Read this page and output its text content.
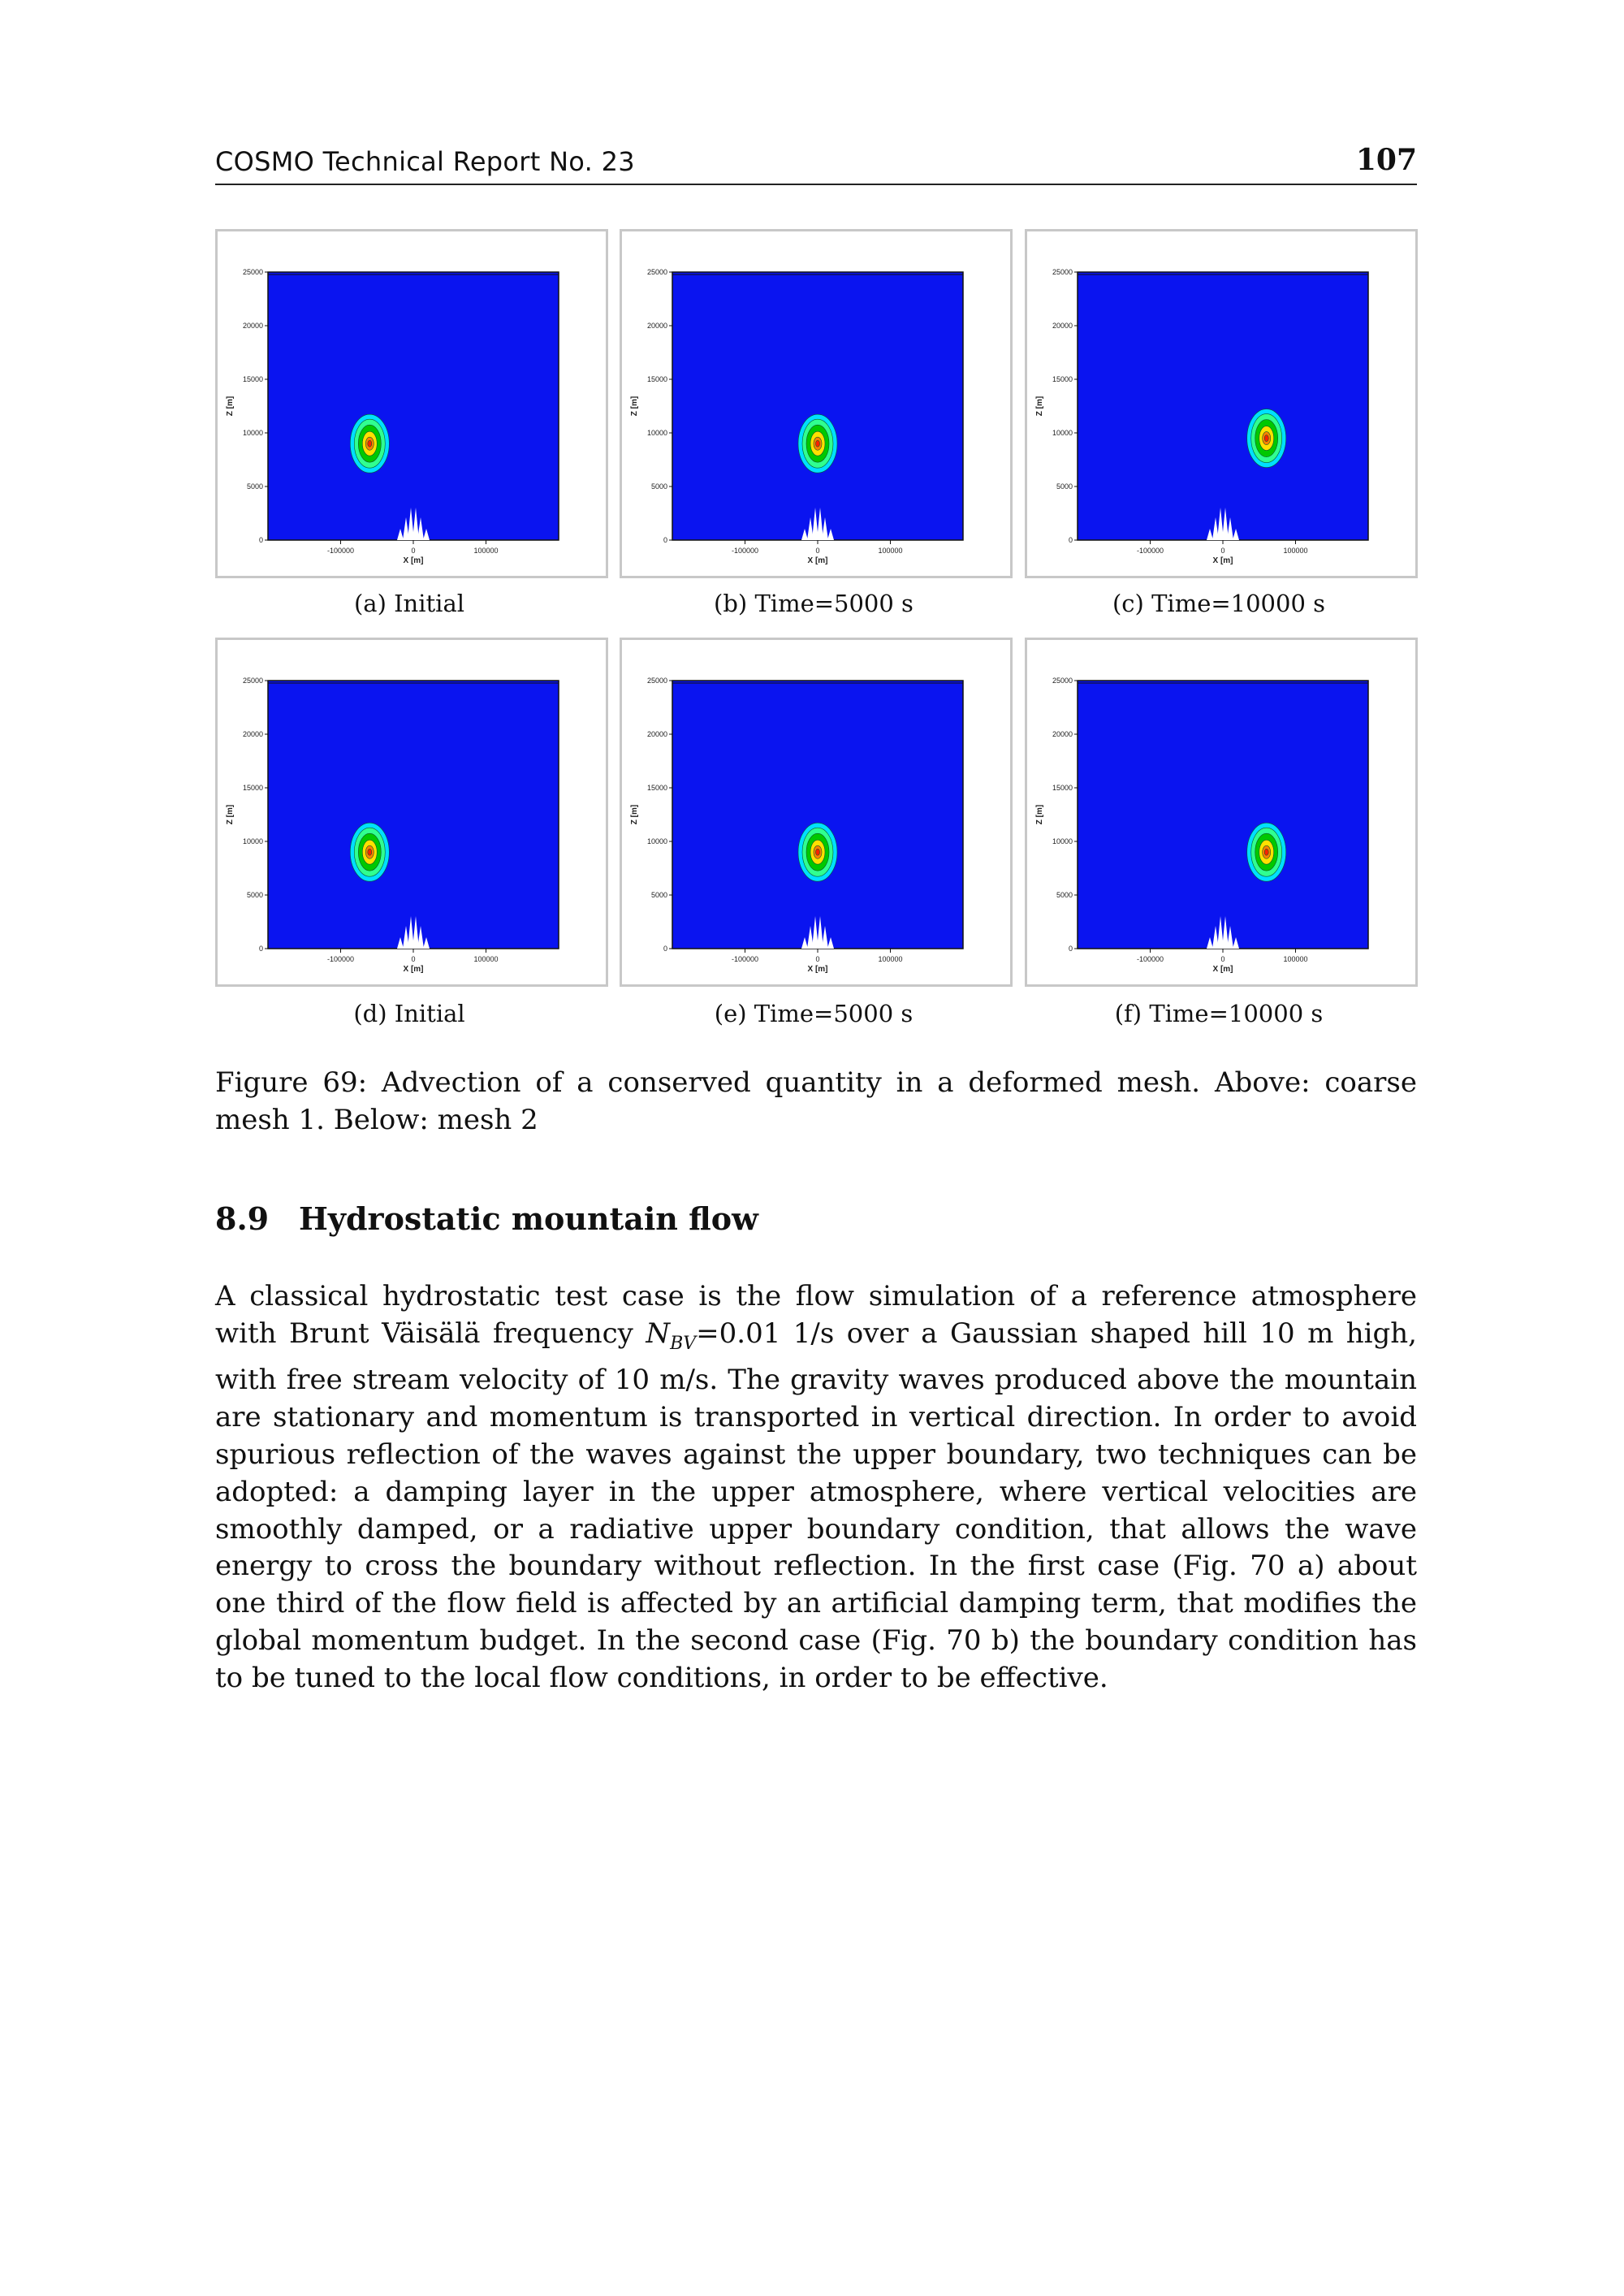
COSMO Technical Report No. 23	107
0
5000
10000
15000
20000
25000
-100000	0	100000
X [m]
Z [m]
0
5000
10000
15000
20000
25000
-100000	0	100000
X [m]
Z [m]
0
5000
10000
15000
20000
25000
-100000	0	100000
X [m]
Z [m]
(a) Initial	(b) Time=5000 s	(c) Time=10000 s
0
5000
10000
15000
20000
25000
-100000	0	100000
X [m]
Z [m]
0
5000
10000
15000
20000
25000
-100000	0	100000
X [m]
Z [m]
0
5000
10000
15000
20000
25000
-100000	0	100000
X [m]
Z [m]
(d) Initial	(e) Time=5000 s	(f) Time=10000 s
Figure 69: Advection of a conserved quantity in a deformed mesh. Above: coarse mesh 1. Below: mesh 2
8.9 Hydrostatic mountain flow
A classical hydrostatic test case is the flow simulation of a reference atmosphere with Brunt Väisälä frequency $N_{BV}=0.01$ 1/s over a Gaussian shaped hill 10 m high, with free stream velocity of 10 m/s. The gravity waves produced above the mountain are stationary and momentum is transported in vertical direction. In order to avoid spurious reflection of the waves against the upper boundary, two techniques can be adopted: a damping layer in the upper atmosphere, where vertical velocities are smoothly damped, or a radiative upper boundary condition, that allows the wave energy to cross the boundary without reflection. In the first case (Fig. 70 a) about one third of the flow field is affected by an artificial damping term, that modifies the global momentum budget. In the second case (Fig. 70 b) the boundary condition has to be tuned to the local flow conditions, in order to be effective.
